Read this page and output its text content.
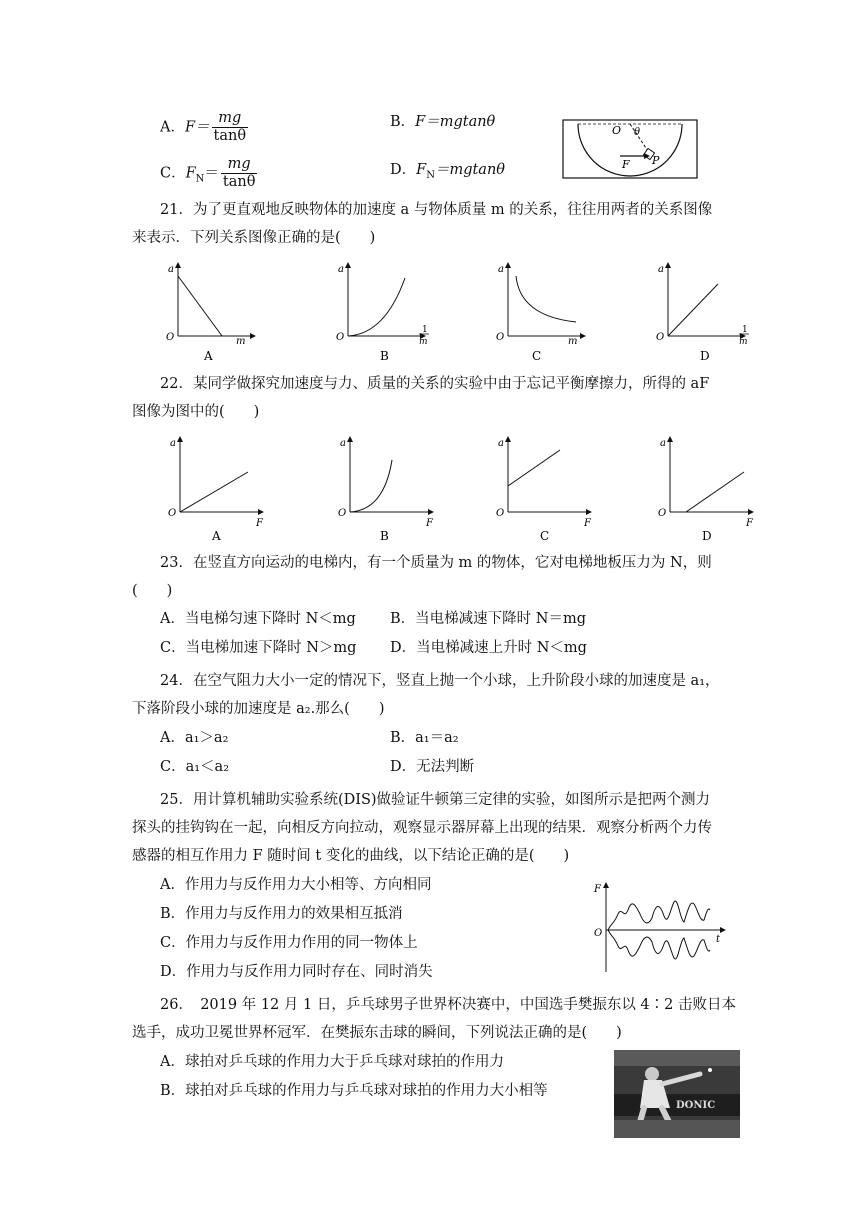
A．$F= \frac{mg}{\tan\theta}$	B．F＝mgtanθ
C．$F_N= \frac{mg}{\tan\theta}$	D．$F_N=mgtan\theta$
O θ
F P
21．为了更直观地反映物体的加速度 a 与物体质量 m 的关系，往往用两者的关系图像
来表示．下列关系图像正确的是(　　)
a
O	m
A
a
O
1
m
B
a
O	m
C
a
O
1
m
D
22．某同学做探究加速度与力、质量的关系的实验中由于忘记平衡摩擦力，所得的 aF
图像为图中的(　　)
a
O
F
A
a
O
F
B
a
O
F
C
a
O
F
D
23．在竖直方向运动的电梯内，有一个质量为 m 的物体，它对电梯地板压力为 N，则
(　　)
A．当电梯匀速下降时 N＜mg B．当电梯减速下降时 N＝mg
C．当电梯加速下降时 N＞mg D．当电梯减速上升时 N＜mg
24．在空气阻力大小一定的情况下，竖直上抛一个小球，上升阶段小球的加速度是 a₁，
下落阶段小球的加速度是 a₂.那么(　　)
A．a₁＞a₂	B．a₁＝a₂
C．a₁＜a₂	D．无法判断
25．用计算机辅助实验系统(DIS)做验证牛顿第三定律的实验，如图所示是把两个测力
探头的挂钩钩在一起，向相反方向拉动，观察显示器屏幕上出现的结果．观察分析两个力传
感器的相互作用力 F 随时间 t 变化的曲线，以下结论正确的是(　　)
A．作用力与反作用力大小相等、方向相同
B．作用力与反作用力的效果相互抵消
C．作用力与反作用力作用的同一物体上
D．作用力与反作用力同时存在、同时消失
F
O
t
26．　2019 年 12 月 1 日，乒乓球男子世界杯决赛中，中国选手樊振东以 4∶2 击败日本
选手，成功卫冕世界杯冠军．在樊振东击球的瞬间，下列说法正确的是(　　)
A．球拍对乒乓球的作用力大于乒乓球对球拍的作用力
B．球拍对乒乓球的作用力与乒乓球对球拍的作用力大小相等
DONIC
